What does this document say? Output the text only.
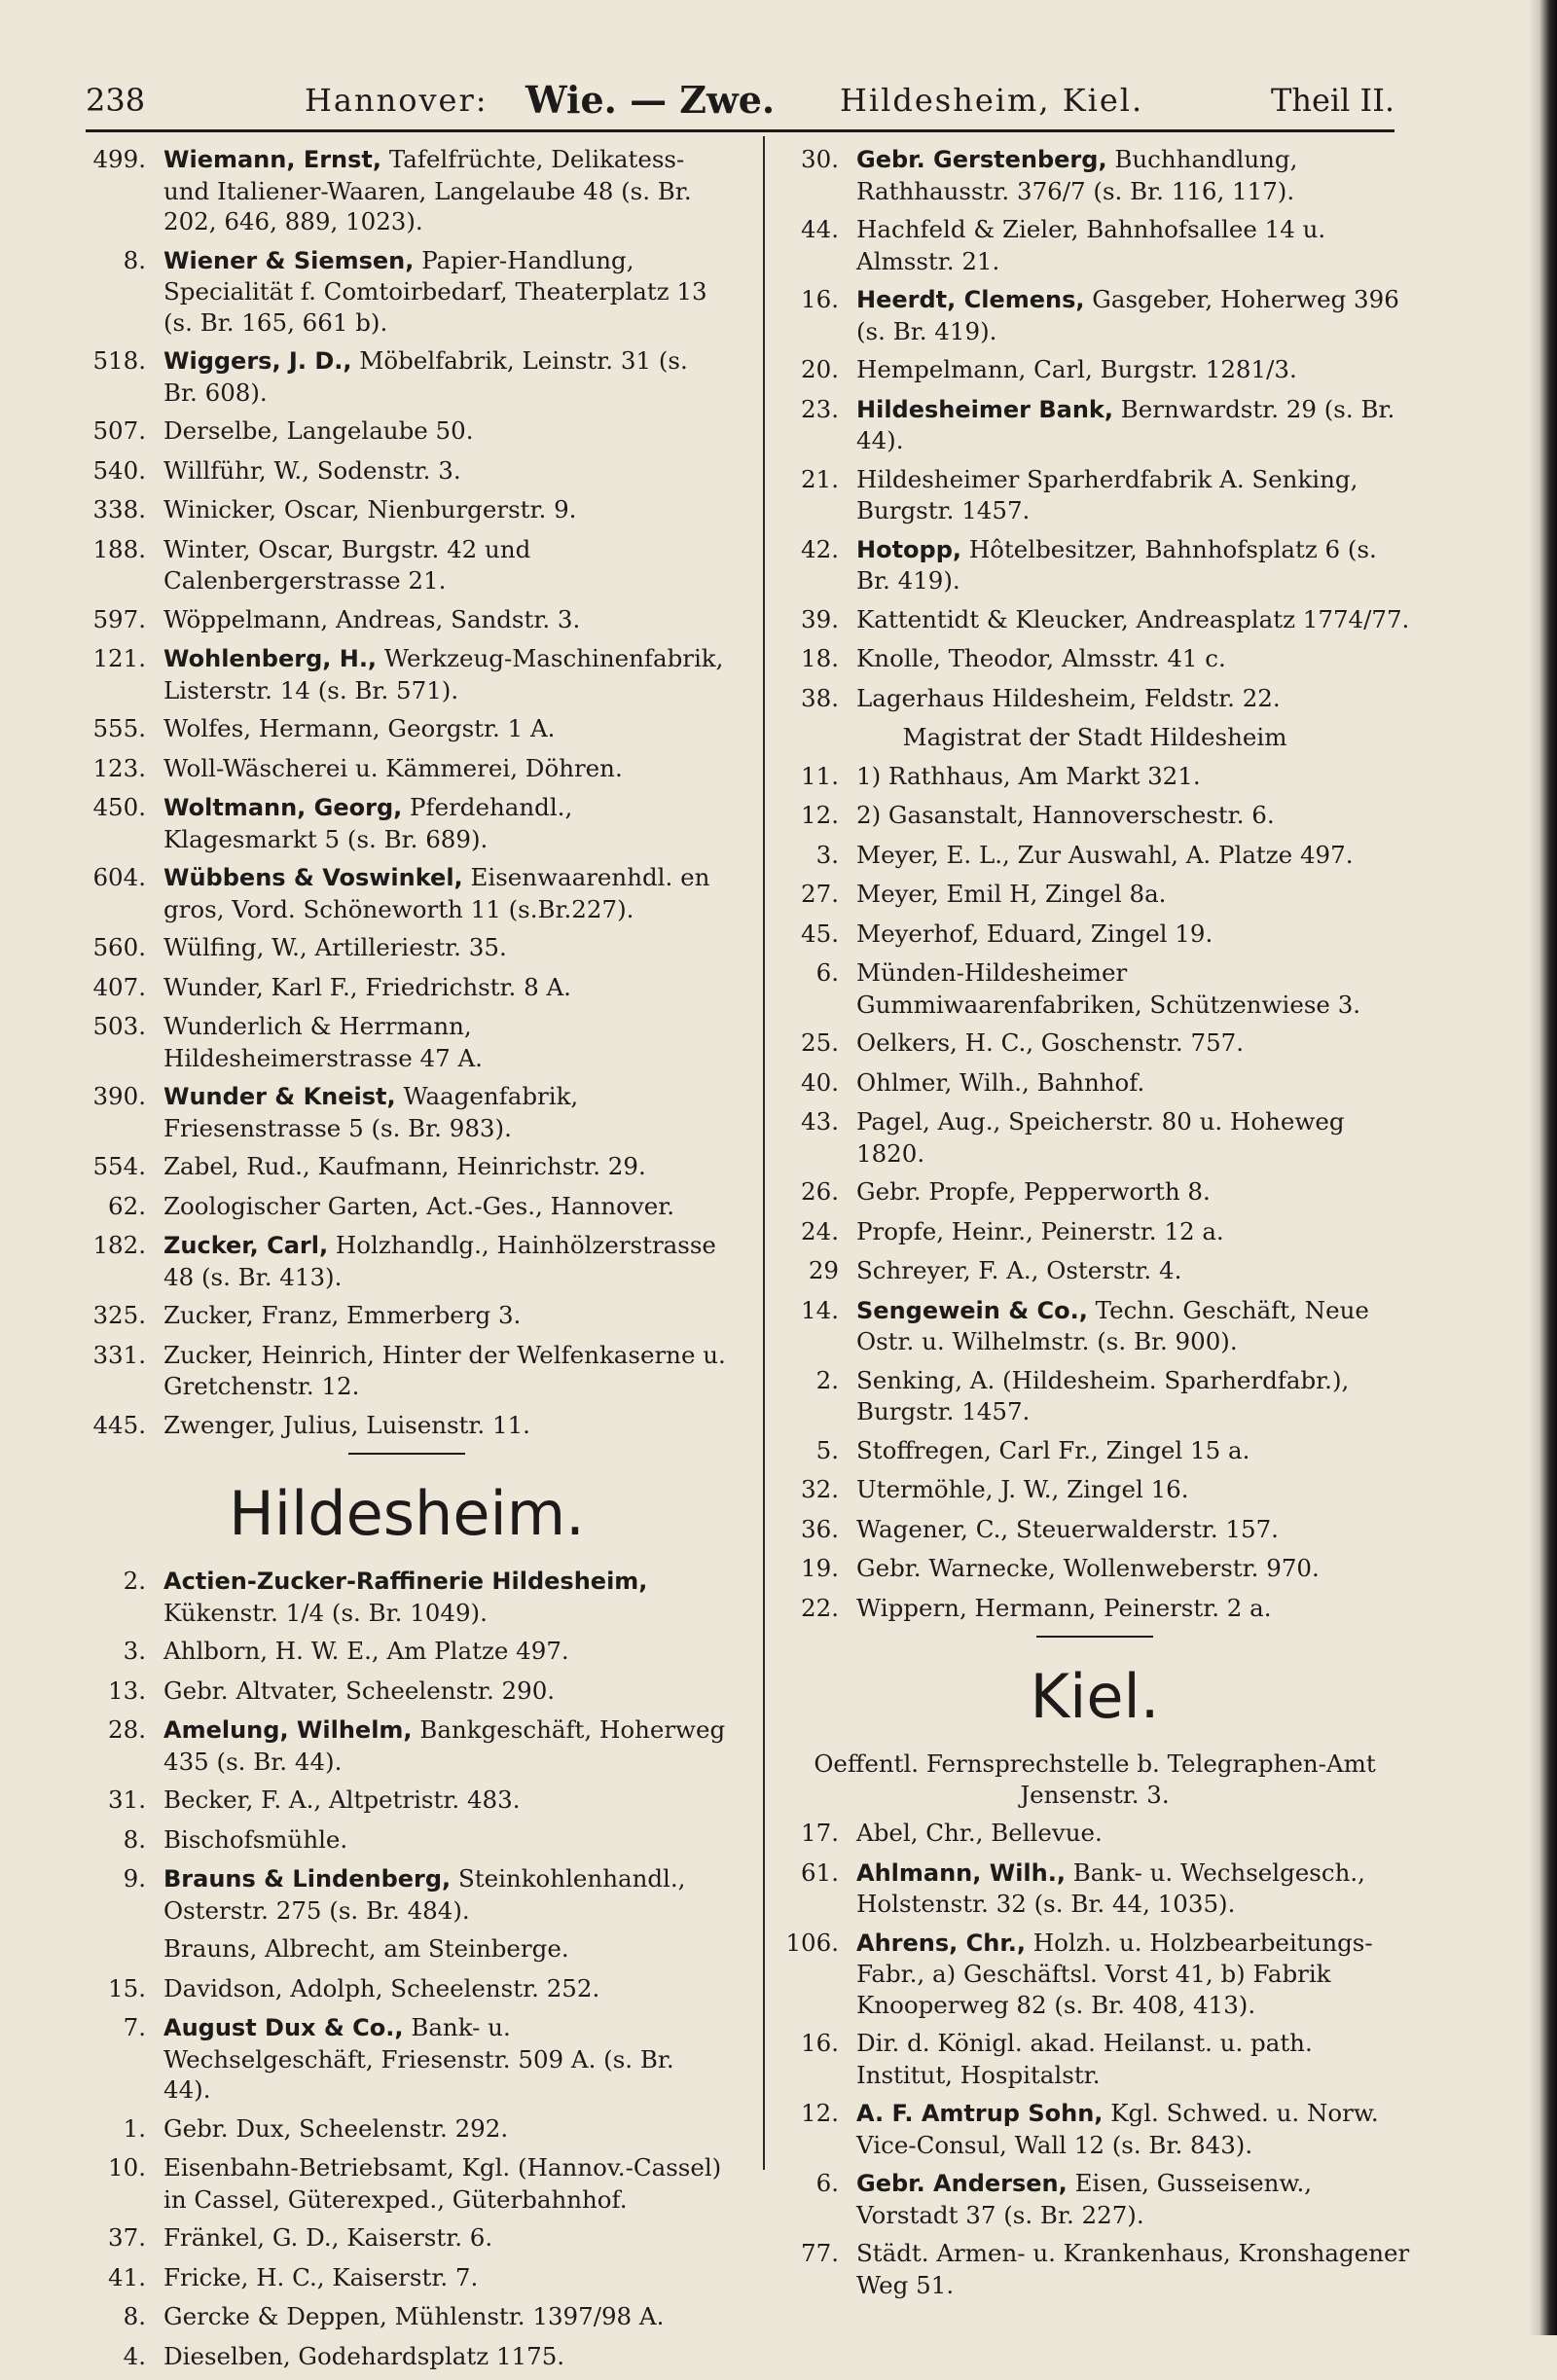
238	Hannover: Wie. — Zwe. Hildesheim, Kiel.	Theil II.
499. Wiemann, Ernst, Tafelfrüchte, Delikatess- und Italiener-Waaren, Langelaube 48 (s. Br. 202, 646, 889, 1023).
8. Wiener & Siemsen, Papier-Handlung, Specialität f. Comtoirbedarf, Theaterplatz 13 (s. Br. 165, 661 b).
518. Wiggers, J. D., Möbelfabrik, Leinstr. 31 (s. Br. 608).
507. Derselbe, Langelaube 50.
540. Willführ, W., Sodenstr. 3.
338. Winicker, Oscar, Nienburgerstr. 9.
188. Winter, Oscar, Burgstr. 42 und Calenbergerstrasse 21.
597. Wöppelmann, Andreas, Sandstr. 3.
121. Wohlenberg, H., Werkzeug-Maschinenfabrik, Listerstr. 14 (s. Br. 571).
555. Wolfes, Hermann, Georgstr. 1 A.
123. Woll-Wäscherei u. Kämmerei, Döhren.
450. Woltmann, Georg, Pferdehandl., Klagesmarkt 5 (s. Br. 689).
604. Wübbens & Voswinkel, Eisenwaarenhdl. en gros, Vord. Schöneworth 11 (s.Br.227).
560. Wülfing, W., Artilleriestr. 35.
407. Wunder, Karl F., Friedrichstr. 8 A.
503. Wunderlich & Herrmann, Hildesheimerstrasse 47 A.
390. Wunder & Kneist, Waagenfabrik, Friesenstrasse 5 (s. Br. 983).
554. Zabel, Rud., Kaufmann, Heinrichstr. 29.
62. Zoologischer Garten, Act.-Ges., Hannover.
182. Zucker, Carl, Holzhandlg., Hainhölzerstrasse 48 (s. Br. 413).
325. Zucker, Franz, Emmerberg 3.
331. Zucker, Heinrich, Hinter der Welfenkaserne u. Gretchenstr. 12.
445. Zwenger, Julius, Luisenstr. 11.
Hildesheim.
2. Actien-Zucker-Raffinerie Hildesheim, Kükenstr. 1/4 (s. Br. 1049).
3. Ahlborn, H. W. E., Am Platze 497.
13. Gebr. Altvater, Scheelenstr. 290.
28. Amelung, Wilhelm, Bankgeschäft, Hoherweg 435 (s. Br. 44).
31. Becker, F. A., Altpetristr. 483.
8. Bischofsmühle.
9. Brauns & Lindenberg, Steinkohlenhandl., Osterstr. 275 (s. Br. 484).
Brauns, Albrecht, am Steinberge.
15. Davidson, Adolph, Scheelenstr. 252.
7. August Dux & Co., Bank- u. Wechselgeschäft, Friesenstr. 509 A. (s. Br. 44).
1. Gebr. Dux, Scheelenstr. 292.
10. Eisenbahn-Betriebsamt, Kgl. (Hannov.-Cassel) in Cassel, Güterexped., Güterbahnhof.
37. Fränkel, G. D., Kaiserstr. 6.
41. Fricke, H. C., Kaiserstr. 7.
8. Gercke & Deppen, Mühlenstr. 1397/98 A.
4. Dieselben, Godehardsplatz 1175.
30. Gebr. Gerstenberg, Buchhandlung, Rathhausstr. 376/7 (s. Br. 116, 117).
44. Hachfeld & Zieler, Bahnhofsallee 14 u. Almsstr. 21.
16. Heerdt, Clemens, Gasgeber, Hoherweg 396 (s. Br. 419).
20. Hempelmann, Carl, Burgstr. 1281/3.
23. Hildesheimer Bank, Bernwardstr. 29 (s. Br. 44).
21. Hildesheimer Sparherdfabrik A. Senking, Burgstr. 1457.
42. Hotopp, Hôtelbesitzer, Bahnhofsplatz 6 (s. Br. 419).
39. Kattentidt & Kleucker, Andreasplatz 1774/77.
18. Knolle, Theodor, Almsstr. 41 c.
38. Lagerhaus Hildesheim, Feldstr. 22.
Magistrat der Stadt Hildesheim
11. 1) Rathhaus, Am Markt 321.
12. 2) Gasanstalt, Hannoverschestr. 6.
3. Meyer, E. L., Zur Auswahl, A. Platze 497.
27. Meyer, Emil H, Zingel 8a.
45. Meyerhof, Eduard, Zingel 19.
6. Münden-Hildesheimer Gummiwaarenfabriken, Schützenwiese 3.
25. Oelkers, H. C., Goschenstr. 757.
40. Ohlmer, Wilh., Bahnhof.
43. Pagel, Aug., Speicherstr. 80 u. Hoheweg 1820.
26. Gebr. Propfe, Pepperworth 8.
24. Propfe, Heinr., Peinerstr. 12 a.
29 Schreyer, F. A., Osterstr. 4.
14. Sengewein & Co., Techn. Geschäft, Neue Ostr. u. Wilhelmstr. (s. Br. 900).
2. Senking, A. (Hildesheim. Sparherdfabr.), Burgstr. 1457.
5. Stoffregen, Carl Fr., Zingel 15 a.
32. Utermöhle, J. W., Zingel 16.
36. Wagener, C., Steuerwalderstr. 157.
19. Gebr. Warnecke, Wollenweberstr. 970.
22. Wippern, Hermann, Peinerstr. 2 a.
Kiel.
Oeffentl. Fernsprechstelle b. Telegraphen-Amt Jensenstr. 3.
17. Abel, Chr., Bellevue.
61. Ahlmann, Wilh., Bank- u. Wechselgesch., Holstenstr. 32 (s. Br. 44, 1035).
106. Ahrens, Chr., Holzh. u. Holzbearbeitungs-Fabr., a) Geschäftsl. Vorst 41, b) Fabrik Knooperweg 82 (s. Br. 408, 413).
16. Dir. d. Königl. akad. Heilanst. u. path. Institut, Hospitalstr.
12. A. F. Amtrup Sohn, Kgl. Schwed. u. Norw. Vice-Consul, Wall 12 (s. Br. 843).
6. Gebr. Andersen, Eisen, Gusseisenw., Vorstadt 37 (s. Br. 227).
77. Städt. Armen- u. Krankenhaus, Kronshagener Weg 51.
